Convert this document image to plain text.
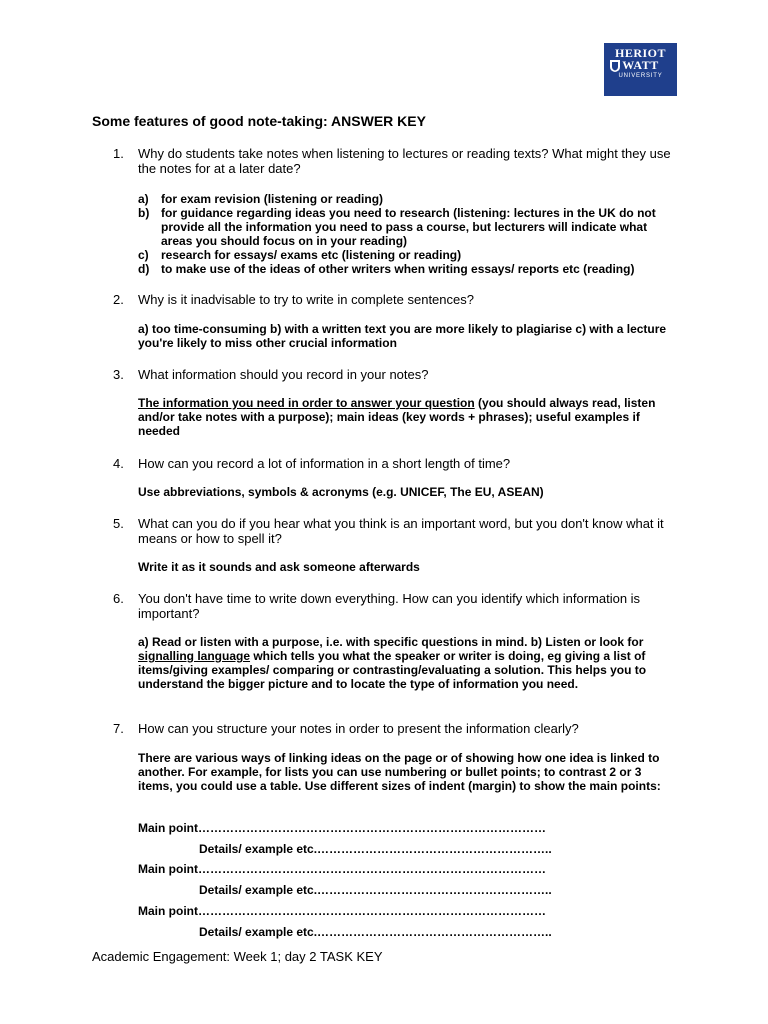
HERIOT
WATT
UNIVERSITY
Some features of good note-taking: ANSWER KEY
1. Why do students take notes when listening to lectures or reading texts? What might they use the notes for at a later date?
a) for exam revision (listening or reading)
b) for guidance regarding ideas you need to research (listening: lectures in the UK do not provide all the information you need to pass a course, but lecturers will indicate what areas you should focus on in your reading)
c) research for essays/ exams etc (listening or reading)
d) to make use of the ideas of other writers when writing essays/ reports etc (reading)
2. Why is it inadvisable to try to write in complete sentences?
a) too time-consuming b) with a written text you are more likely to plagiarise c) with a lecture you're likely to miss other crucial information
3. What information should you record in your notes?
The information you need in order to answer your question (you should always read, listen and/or take notes with a purpose); main ideas (key words + phrases); useful examples if needed
4. How can you record a lot of information in a short length of time?
Use abbreviations, symbols & acronyms (e.g. UNICEF, The EU, ASEAN)
5. What can you do if you hear what you think is an important word, but you don't know what it means or how to spell it?
Write it as it sounds and ask someone afterwards
6. You don't have time to write down everything. How can you identify which information is important?
a) Read or listen with a purpose, i.e. with specific questions in mind. b) Listen or look for signalling language which tells you what the speaker or writer is doing, eg giving a list of items/giving examples/ comparing or contrasting/evaluating a solution. This helps you to understand the bigger picture and to locate the type of information you need.
7. How can you structure your notes in order to present the information clearly?
There are various ways of linking ideas on the page or of showing how one idea is linked to another. For example, for lists you can use numbering or bullet points; to contrast 2 or 3 items, you could use a table. Use different sizes of indent (margin) to show the main points:
Main point……………………………………………………………………………
Details/ example etc.…………………………………………………..
Main point……………………………………………………………………………
Details/ example etc.…………………………………………………..
Main point……………………………………………………………………………
Details/ example etc.…………………………………………………..
Academic Engagement: Week 1; day 2 TASK KEY
